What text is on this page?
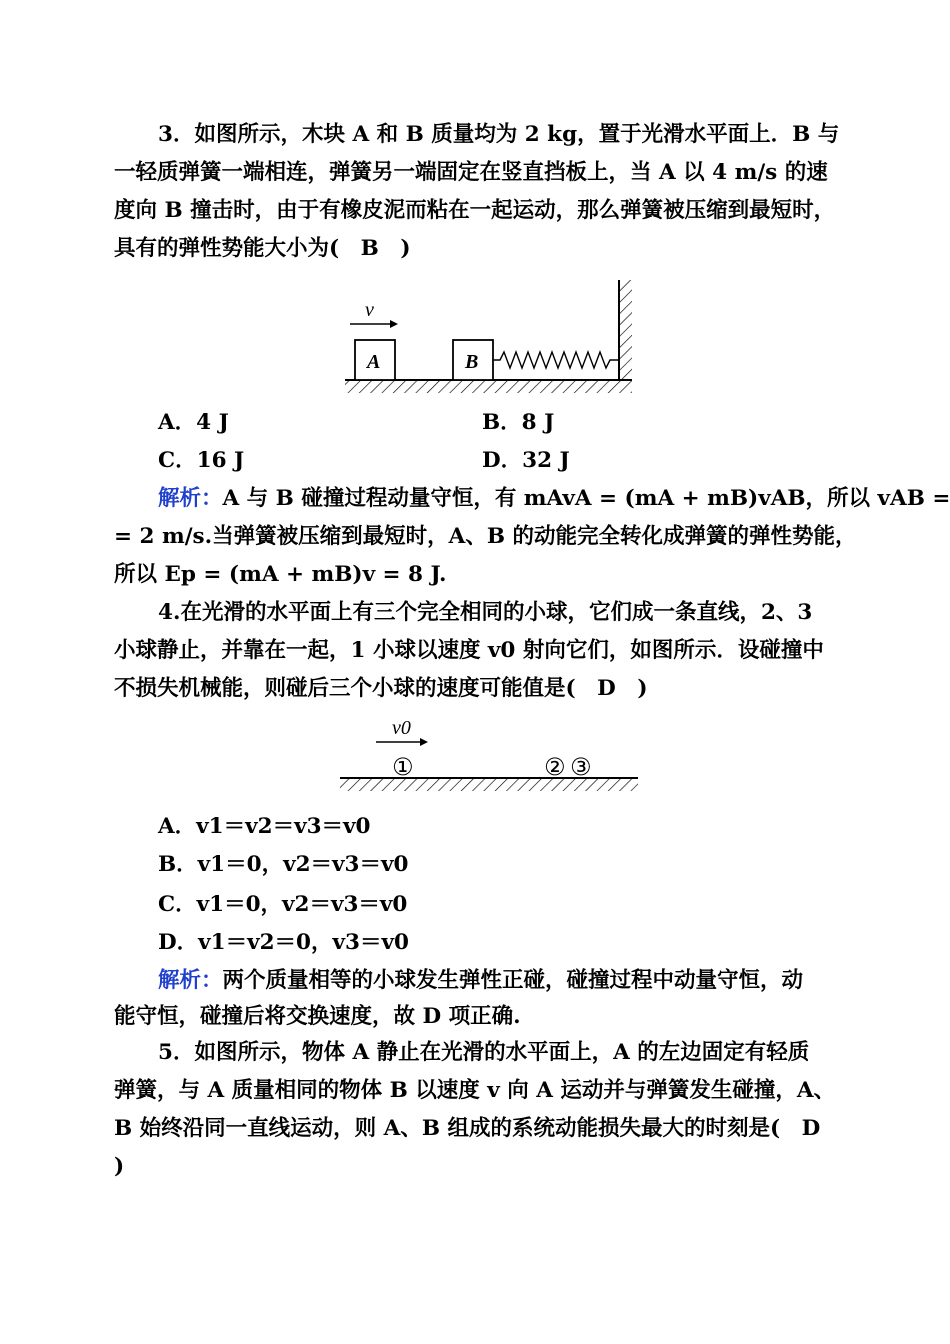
3．如图所示，木块 A 和 B 质量均为 2 kg，置于光滑水平面上．B 与
一轻质弹簧一端相连，弹簧另一端固定在竖直挡板上，当 A 以 4 m/s 的速
度向 B 撞击时，由于有橡皮泥而粘在一起运动，那么弹簧被压缩到最短时，
具有的弹性势能大小为(　B　)
v
A	B
A．4 J	B．8 J
C．16 J	D．32 J
解析：A 与 B 碰撞过程动量守恒，有 mAvA = (mA + mB)vAB，所以 vAB =
= 2 m/s.当弹簧被压缩到最短时，A、B 的动能完全转化成弹簧的弹性势能，
所以 Ep = (mA + mB)v = 8 J.
4.在光滑的水平面上有三个完全相同的小球，它们成一条直线，2、3
小球静止，并靠在一起，1 小球以速度 v0 射向它们，如图所示．设碰撞中
不损失机械能，则碰后三个小球的速度可能值是(　D　)
v0
①	② ③
A．v1＝v2＝v3＝v0
B．v1＝0，v2＝v3＝v0
C．v1＝0，v2＝v3＝v0
D．v1＝v2＝0，v3＝v0
解析：两个质量相等的小球发生弹性正碰，碰撞过程中动量守恒，动
能守恒，碰撞后将交换速度，故 D 项正确.
5．如图所示，物体 A 静止在光滑的水平面上，A 的左边固定有轻质
弹簧，与 A 质量相同的物体 B 以速度 v 向 A 运动并与弹簧发生碰撞，A、
B 始终沿同一直线运动，则 A、B 组成的系统动能损失最大的时刻是(　D
)
